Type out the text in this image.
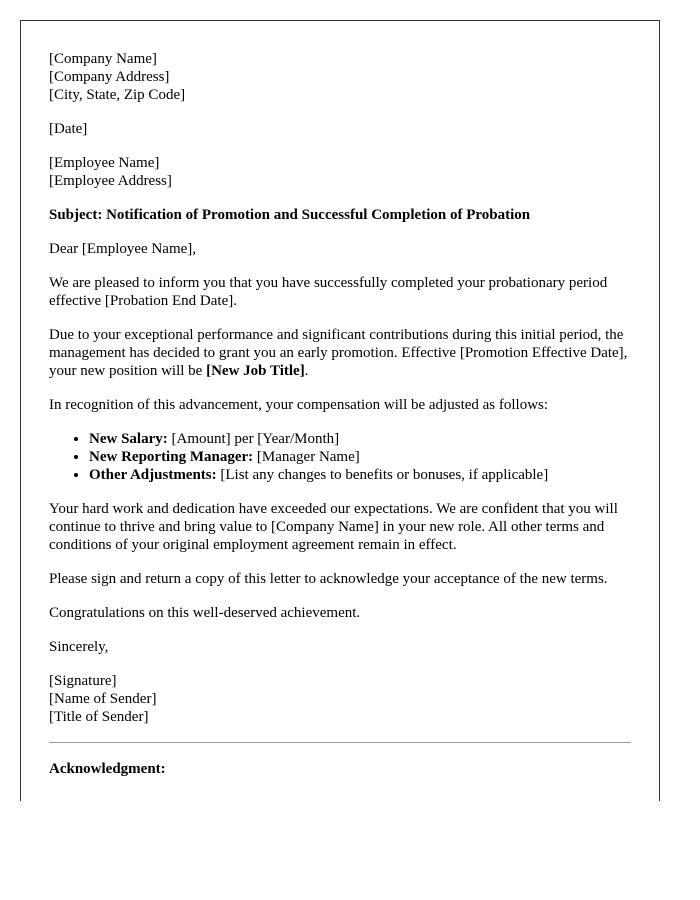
[Company Name]
[Company Address]
[City, State, Zip Code]
[Date]
[Employee Name]
[Employee Address]

Subject: Notification of Promotion and Successful Completion of Probation

Dear [Employee Name],

We are pleased to inform you that you have successfully completed your probationary period effective [Probation End Date].

Due to your exceptional performance and significant contributions during this initial period, the management has decided to grant you an early promotion. Effective [Promotion Effective Date], your new position will be [New Job Title].

In recognition of this advancement, your compensation will be adjusted as follows:

• New Salary: [Amount] per [Year/Month]
• New Reporting Manager: [Manager Name]
• Other Adjustments: [List any changes to benefits or bonuses, if applicable]

Your hard work and dedication have exceeded our expectations. We are confident that you will continue to thrive and bring value to [Company Name] in your new role. All other terms and conditions of your original employment agreement remain in effect.

Please sign and return a copy of this letter to acknowledge your acceptance of the new terms.

Congratulations on this well-deserved achievement.

Sincerely,

[Signature]
[Name of Sender]
[Title of Sender]

Acknowledgment:
